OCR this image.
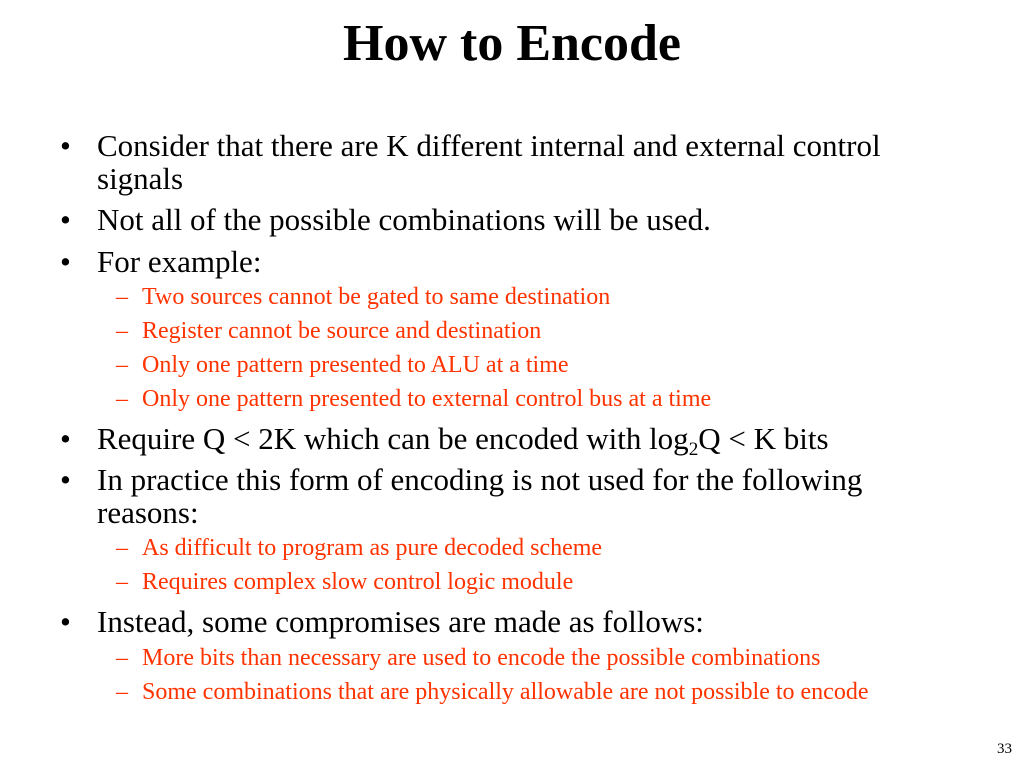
How to Encode
• Consider that there are K different internal and external control signals
• Not all of the possible combinations will be used.
• For example:
– Two sources cannot be gated to same destination
– Register cannot be source and destination
– Only one pattern presented to ALU at a time
– Only one pattern presented to external control bus at a time
• Require Q < 2K which can be encoded with $\log_2Q < K$ bits
• In practice this form of encoding is not used for the following reasons:
– As difficult to program as pure decoded scheme
– Requires complex slow control logic module
• Instead, some compromises are made as follows:
– More bits than necessary are used to encode the possible combinations
– Some combinations that are physically allowable are not possible to encode
33
